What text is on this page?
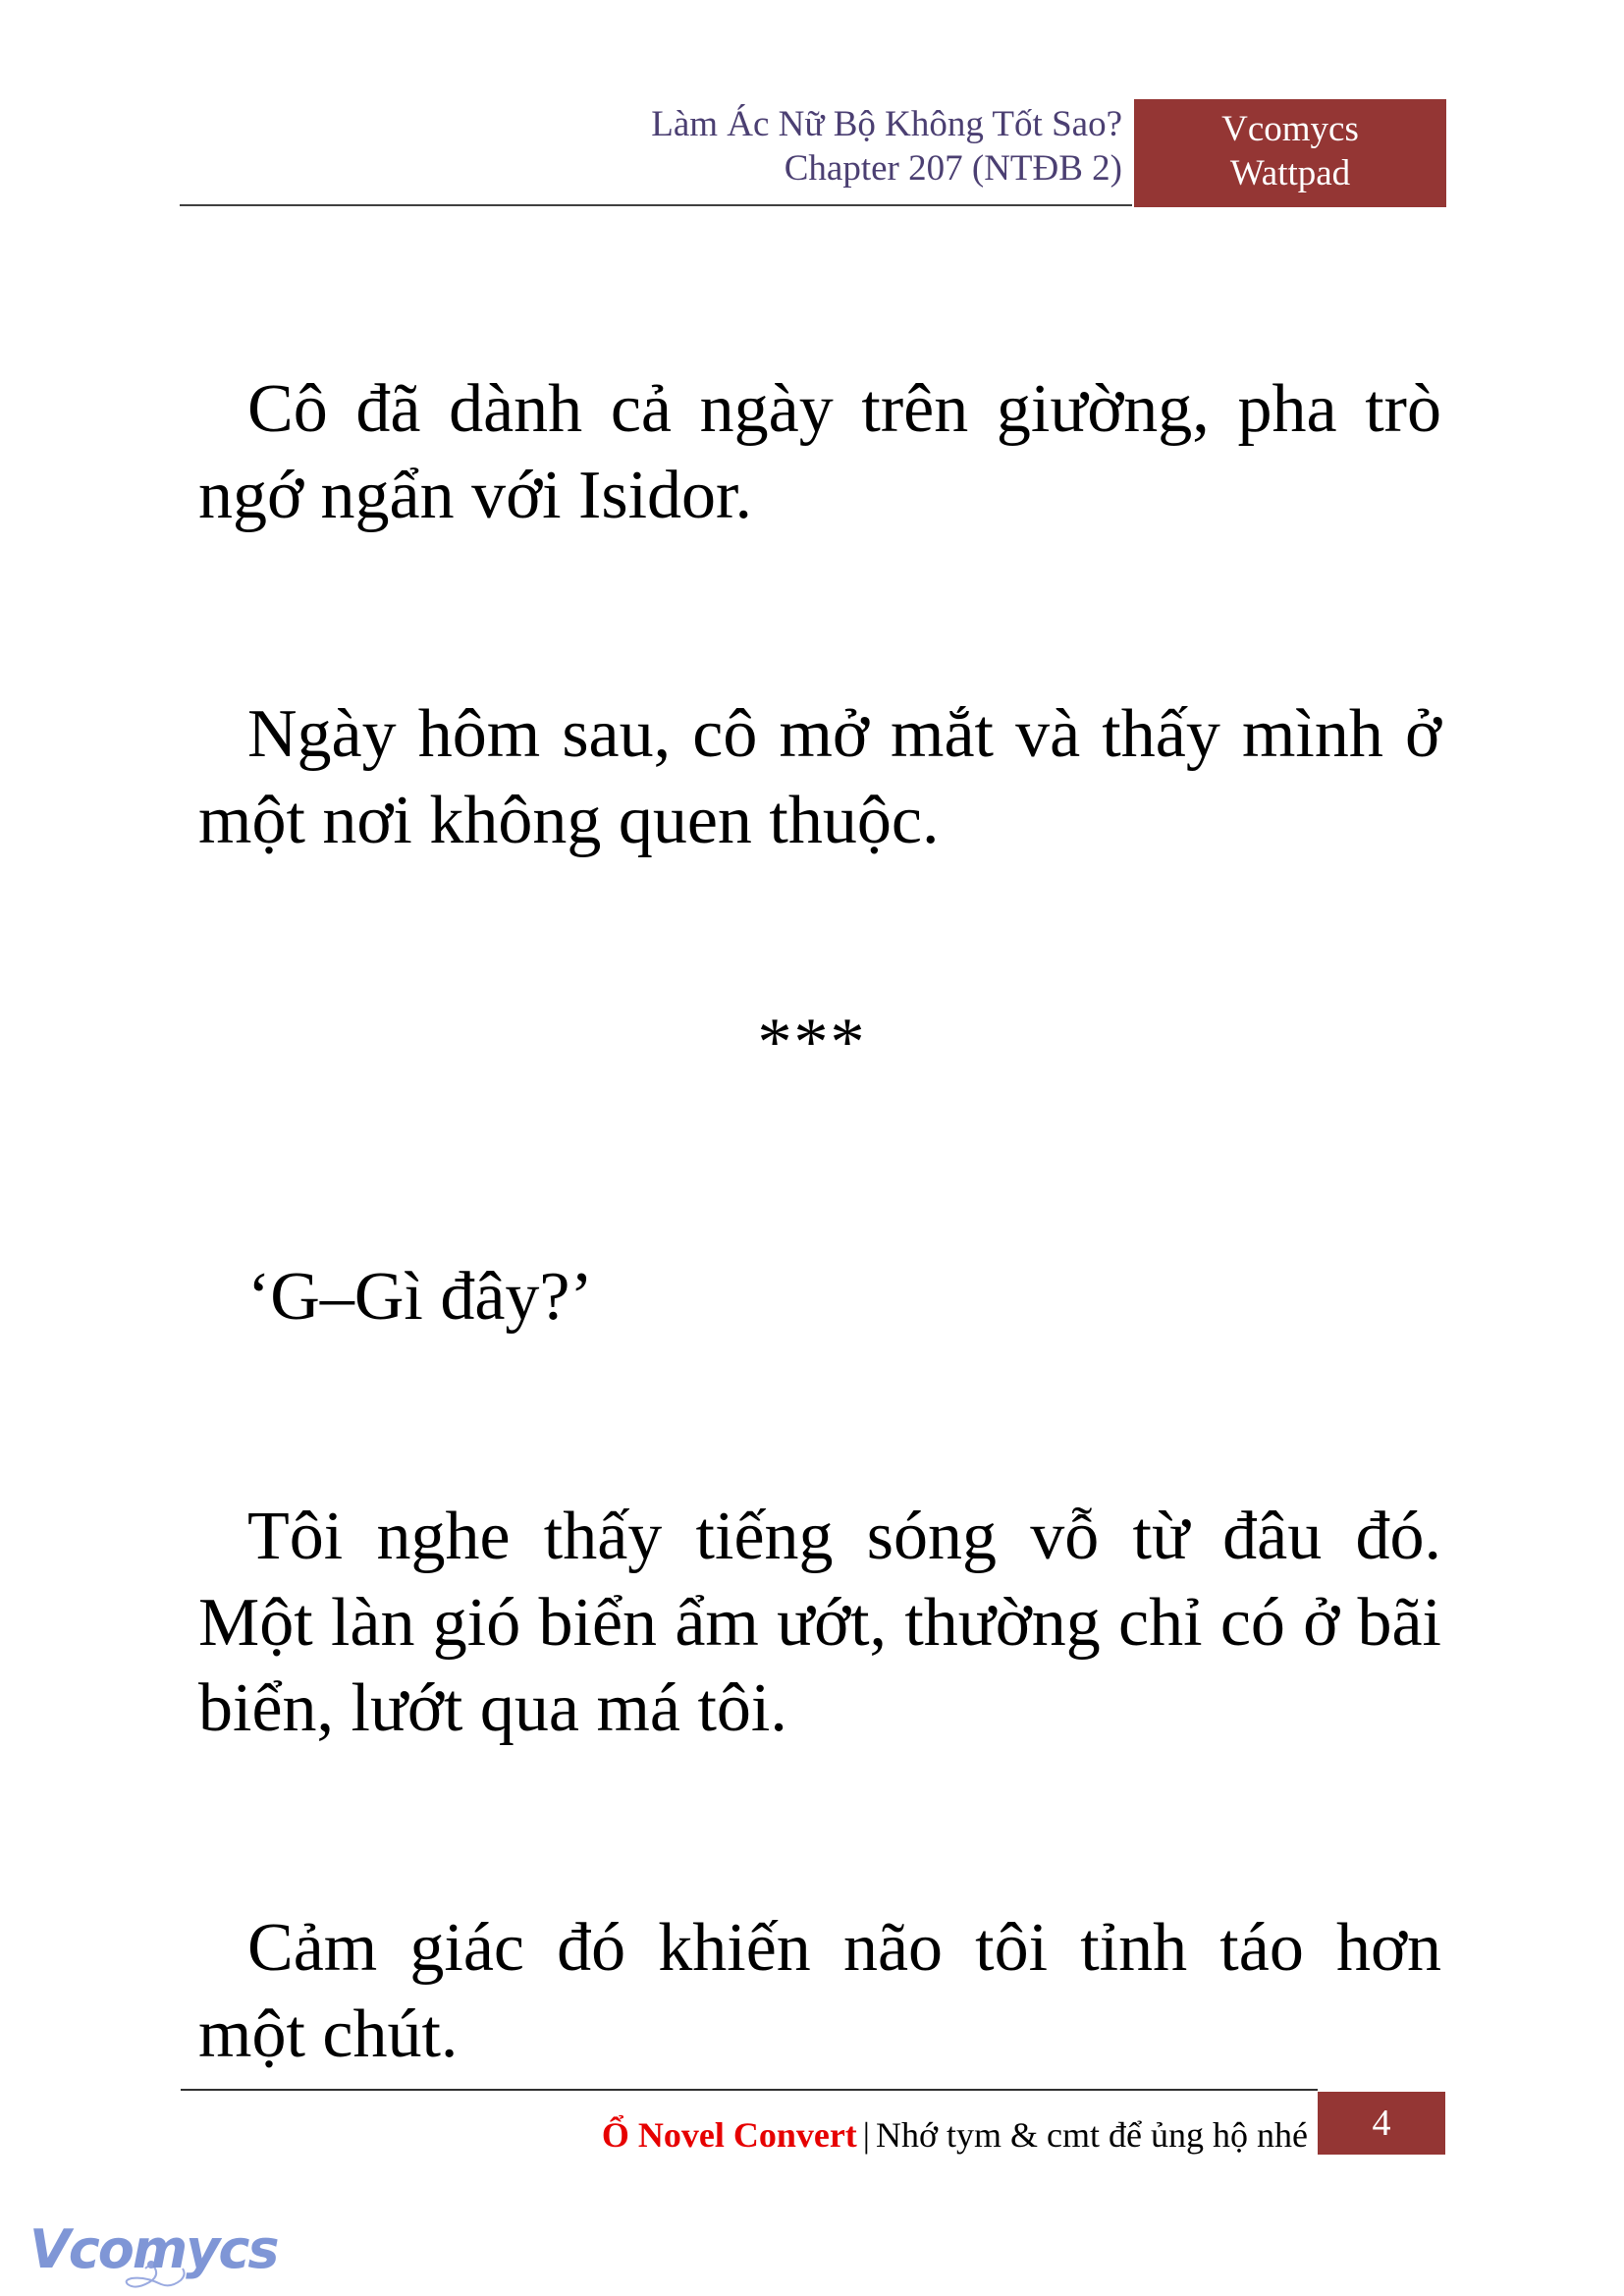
Làm Ác Nữ Bộ Không Tốt Sao?
Chapter 207 (NTĐB 2)
Vcomycs
Wattpad

Cô đã dành cả ngày trên giường, pha trò ngớ ngẩn với Isidor.

Ngày hôm sau, cô mở mắt và thấy mình ở một nơi không quen thuộc.

***

‘G–Gì đây?’

Tôi nghe thấy tiếng sóng vỗ từ đâu đó. Một làn gió biển ẩm ướt, thường chỉ có ở bãi biển, lướt qua má tôi.

Cảm giác đó khiến não tôi tỉnh táo hơn một chút.

Ổ Novel Convert | Nhớ tym & cmt để ủng hộ nhé	4
Vcomycs
